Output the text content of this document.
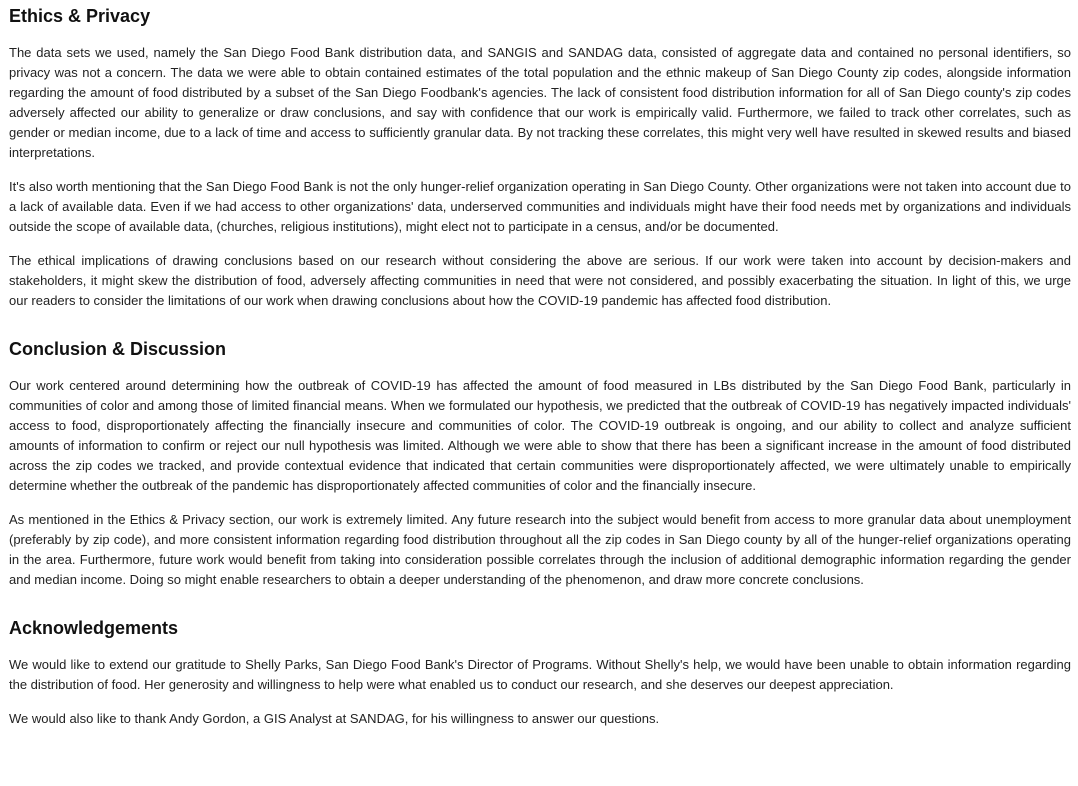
Ethics & Privacy

The data sets we used, namely the San Diego Food Bank distribution data, and SANGIS and SANDAG data, consisted of aggregate data and contained no personal identifiers, so privacy was not a concern. The data we were able to obtain contained estimates of the total population and the ethnic makeup of San Diego County zip codes, alongside information regarding the amount of food distributed by a subset of the San Diego Foodbank's agencies. The lack of consistent food distribution information for all of San Diego county's zip codes adversely affected our ability to generalize or draw conclusions, and say with confidence that our work is empirically valid. Furthermore, we failed to track other correlates, such as gender or median income, due to a lack of time and access to sufficiently granular data. By not tracking these correlates, this might very well have resulted in skewed results and biased interpretations.

It's also worth mentioning that the San Diego Food Bank is not the only hunger-relief organization operating in San Diego County. Other organizations were not taken into account due to a lack of available data. Even if we had access to other organizations' data, underserved communities and individuals might have their food needs met by organizations and individuals outside the scope of available data, (churches, religious institutions), might elect not to participate in a census, and/or be documented.

The ethical implications of drawing conclusions based on our research without considering the above are serious. If our work were taken into account by decision-makers and stakeholders, it might skew the distribution of food, adversely affecting communities in need that were not considered, and possibly exacerbating the situation. In light of this, we urge our readers to consider the limitations of our work when drawing conclusions about how the COVID-19 pandemic has affected food distribution.

Conclusion & Discussion

Our work centered around determining how the outbreak of COVID-19 has affected the amount of food measured in LBs distributed by the San Diego Food Bank, particularly in communities of color and among those of limited financial means. When we formulated our hypothesis, we predicted that the outbreak of COVID-19 has negatively impacted individuals' access to food, disproportionately affecting the financially insecure and communities of color. The COVID-19 outbreak is ongoing, and our ability to collect and analyze sufficient amounts of information to confirm or reject our null hypothesis was limited. Although we were able to show that there has been a significant increase in the amount of food distributed across the zip codes we tracked, and provide contextual evidence that indicated that certain communities were disproportionately affected, we were ultimately unable to empirically determine whether the outbreak of the pandemic has disproportionately affected communities of color and the financially insecure.

As mentioned in the Ethics & Privacy section, our work is extremely limited. Any future research into the subject would benefit from access to more granular data about unemployment (preferably by zip code), and more consistent information regarding food distribution throughout all the zip codes in San Diego county by all of the hunger-relief organizations operating in the area. Furthermore, future work would benefit from taking into consideration possible correlates through the inclusion of additional demographic information regarding the gender and median income. Doing so might enable researchers to obtain a deeper understanding of the phenomenon, and draw more concrete conclusions.

Acknowledgements

We would like to extend our gratitude to Shelly Parks, San Diego Food Bank's Director of Programs. Without Shelly's help, we would have been unable to obtain information regarding the distribution of food. Her generosity and willingness to help were what enabled us to conduct our research, and she deserves our deepest appreciation.

We would also like to thank Andy Gordon, a GIS Analyst at SANDAG, for his willingness to answer our questions.
